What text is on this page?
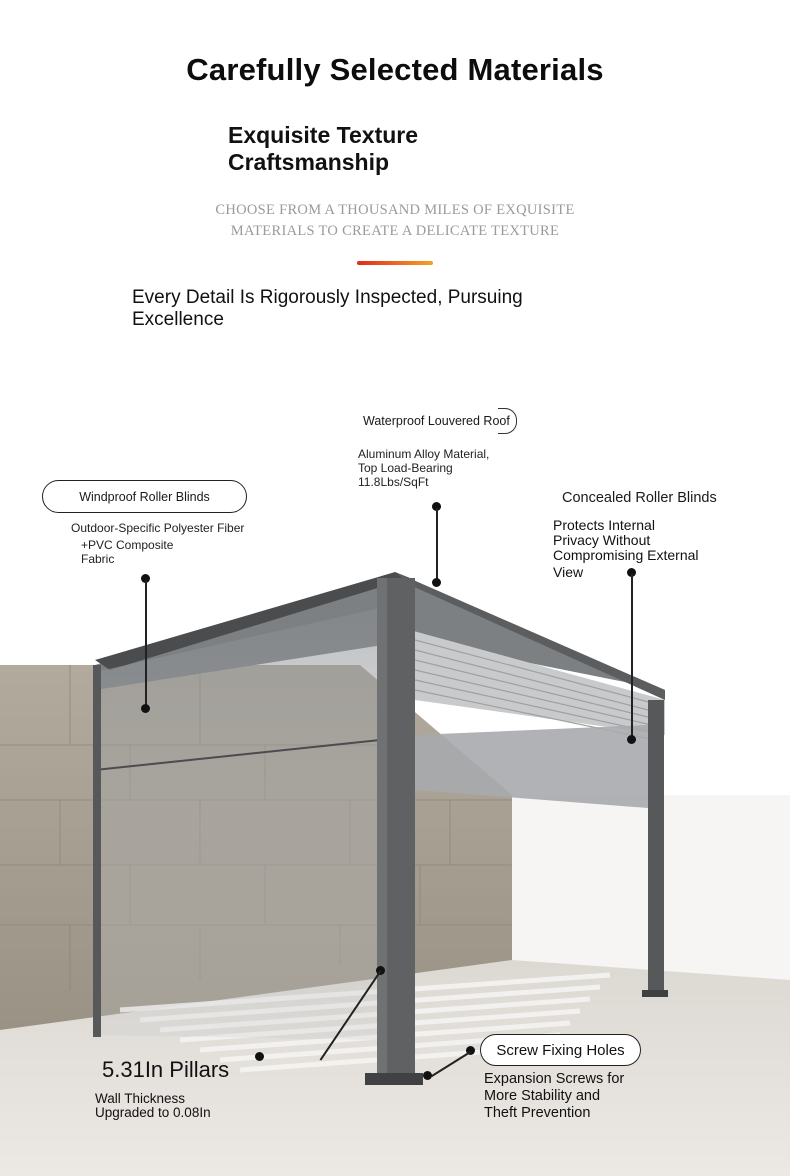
Carefully Selected Materials
Exquisite Texture
Craftsmanship
CHOOSE FROM A THOUSAND MILES OF EXQUISITE
MATERIALS TO CREATE A DELICATE TEXTURE
Every Detail Is Rigorously Inspected, Pursuing
Excellence
Waterproof Louvered Roof
Aluminum Alloy Material,
Top Load-Bearing
11.8Lbs/SqFt
Windproof Roller Blinds
Outdoor-Specific Polyester Fiber
+PVC Composite
Fabric
Concealed Roller Blinds
Protects Internal
Privacy Without
Compromising External
View
5.31In Pillars
Wall Thickness
Upgraded to 0.08In
Screw Fixing Holes
Expansion Screws for
More Stability and
Theft Prevention
